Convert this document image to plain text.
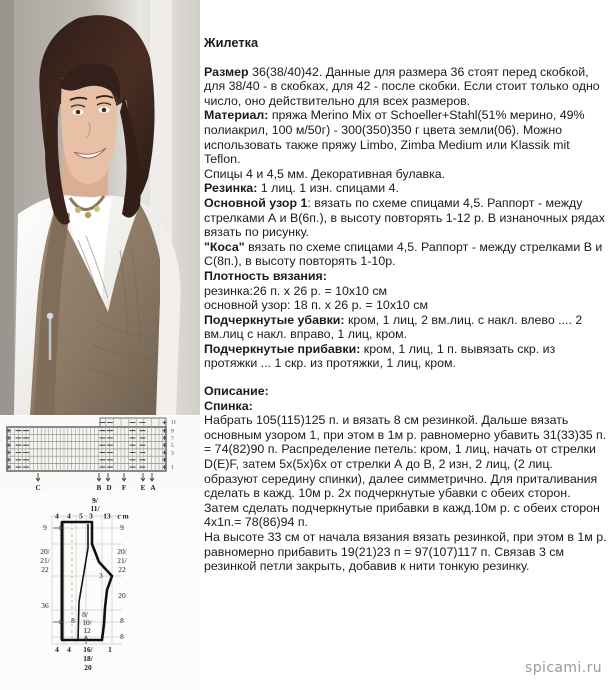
11
9
7
5
3
1
C	B D F E A
9/
11/
4 4 5 3 13 c m
9
20/
21/
22
36
9
20/
21/
22
20
8
8
3
8/
10/
12
8
4 4 16/
18/
20
1
Жилетка

Размер 36(38/40)42. Данные для размера 36 стоят перед скобкой, для 38/40 - в скобках, для 42 - после скобки. Если стоит только одно число, оно действительно для всех размеров.

Материал: пряжа Merino Mix от Schoeller+Stahl(51% мерино, 49% полиакрил, 100 м/50г) - 300(350)350 г цвета земли(06). Можно использовать также пряжу Limbo, Zimba Medium или Klassik mit Teflon.

Спицы 4 и 4,5 мм. Декоративная булавка.

Резинка: 1 лиц. 1 изн. спицами 4.

Основной узор 1: вязать по схеме спицами 4,5. Раппорт - между стрелками А и В(6п.), в высоту повторять 1-12 р. В изнаночных рядах вязать по рисунку.

"Коса" вязать по схеме спицами 4,5. Раппорт - между стрелками В и С(8п.), в высоту повторять 1-10р.

Плотность вязания:

резинка:26 п. х 26 р. = 10х10 см

основной узор: 18 п. х 26 р. = 10х10 см

Подчеркнутые убавки: кром, 1 лиц, 2 вм.лиц. с накл. влево .... 2 вм.лиц с накл. вправо, 1 лиц, кром.

Подчеркнутые прибавки: кром, 1 лиц, 1 п. вывязать скр. из протяжки ... 1 скр. из протяжки, 1 лиц, кром.

Описание:

Спинка:

Набрать 105(115)125 п. и вязать 8 см резинкой. Дальше вязать основным узором 1, при этом в 1м р. равномерно убавить 31(33)35 п. = 74(82)90 п. Распределение петель: кром, 1 лиц, начать от стрелки D(E)F, затем 5х(5х)6х от стрелки А до В, 2 изн, 2 лиц, (2 лиц. образуют середину спинки), далее симметрично. Для приталивания сделать в кажд. 10м р. 2х подчеркнутые убавки с обеих сторон. Затем сделать подчеркнутые прибавки в кажд.10м р. с обеих сторон 4х1п.= 78(86)94 п.

На высоте 33 см от начала вязания вязать резинкой, при этом в 1м р. равномерно прибавить 19(21)23 п = 97(107)117 п. Связав 3 см резинкой петли закрыть, добавив к нити тонкую резинку.

spicami.ru
